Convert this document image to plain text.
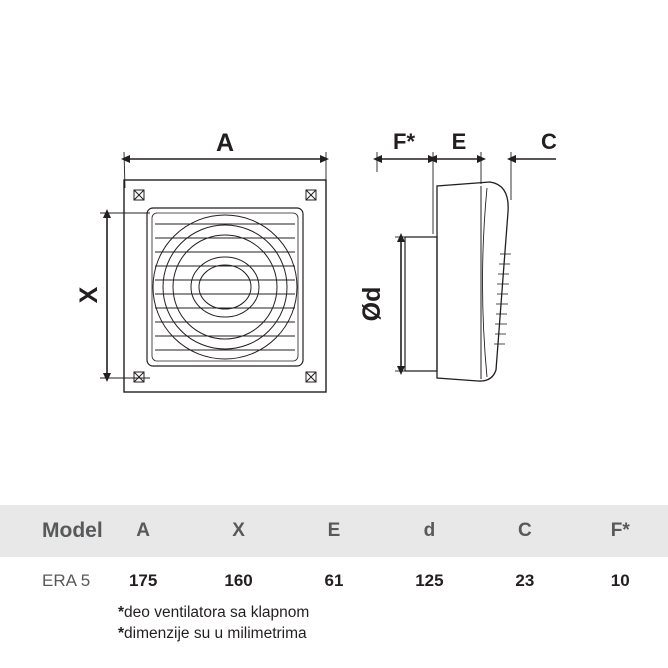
A
X
F* E	C
Ød
Model	A	X	E	d	C	F*
ERA 5	175	160	61	125	23	10
*deo ventilatora sa klapnom
*dimenzije su u milimetrima
